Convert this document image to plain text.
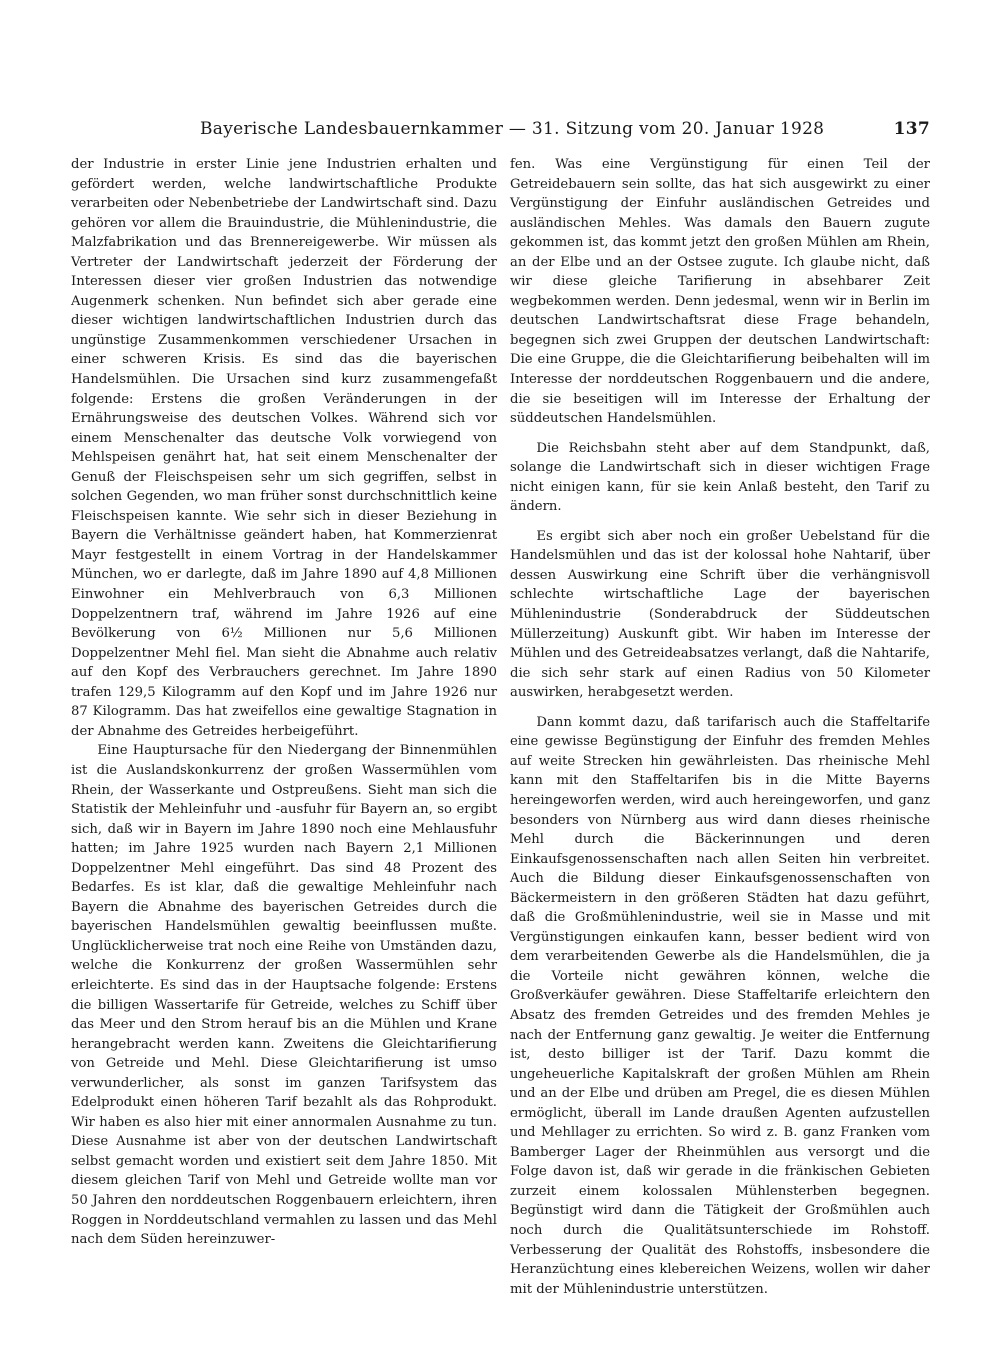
Bayerische Landesbauernkammer — 31. Sitzung vom 20. Januar 1928	137

der Industrie in erster Linie jene Industrien erhalten und gefördert werden, welche landwirtschaftliche Produkte verarbeiten oder Nebenbetriebe der Landwirtschaft sind. Dazu gehören vor allem die Brauindustrie, die Mühlenindustrie, die Malzfabrikation und das Brennereigewerbe. Wir müssen als Vertreter der Landwirtschaft jederzeit der Förderung der Interessen dieser vier großen Industrien das notwendige Augenmerk schenken. Nun befindet sich aber gerade eine dieser wichtigen landwirtschaftlichen Industrien durch das ungünstige Zusammenkommen verschiedener Ursachen in einer schweren Krisis. Es sind das die bayerischen Handelsmühlen. Die Ursachen sind kurz zusammengefaßt folgende: Erstens die großen Veränderungen in der Ernährungsweise des deutschen Volkes. Während sich vor einem Menschenalter das deutsche Volk vorwiegend von Mehlspeisen genährt hat, hat seit einem Menschenalter der Genuß der Fleischspeisen sehr um sich gegriffen, selbst in solchen Gegenden, wo man früher sonst durchschnittlich keine Fleischspeisen kannte. Wie sehr sich in dieser Beziehung in Bayern die Verhältnisse geändert haben, hat Kommerzienrat Mayr festgestellt in einem Vortrag in der Handelskammer München, wo er darlegte, daß im Jahre 1890 auf 4,8 Millionen Einwohner ein Mehlverbrauch von 6,3 Millionen Doppelzentnern traf, während im Jahre 1926 auf eine Bevölkerung von 6½ Millionen nur 5,6 Millionen Doppelzentner Mehl fiel. Man sieht die Abnahme auch relativ auf den Kopf des Verbrauchers gerechnet. Im Jahre 1890 trafen 129,5 Kilogramm auf den Kopf und im Jahre 1926 nur 87 Kilogramm. Das hat zweifellos eine gewaltige Stagnation in der Abnahme des Getreides herbeigeführt.

Eine Hauptursache für den Niedergang der Binnenmühlen ist die Auslandskonkurrenz der großen Wassermühlen vom Rhein, der Wasserkante und Ostpreußens. Sieht man sich die Statistik der Mehleinfuhr und -ausfuhr für Bayern an, so ergibt sich, daß wir in Bayern im Jahre 1890 noch eine Mehlausfuhr hatten; im Jahre 1925 wurden nach Bayern 2,1 Millionen Doppelzentner Mehl eingeführt. Das sind 48 Prozent des Bedarfes. Es ist klar, daß die gewaltige Mehleinfuhr nach Bayern die Abnahme des bayerischen Getreides durch die bayerischen Handelsmühlen gewaltig beeinflussen mußte. Unglücklicherweise trat noch eine Reihe von Umständen dazu, welche die Konkurrenz der großen Wassermühlen sehr erleichterte. Es sind das in der Hauptsache folgende: Erstens die billigen Wassertarife für Getreide, welches zu Schiff über das Meer und den Strom herauf bis an die Mühlen und Krane herangebracht werden kann. Zweitens die Gleichtarifierung von Getreide und Mehl. Diese Gleichtarifierung ist umso verwunderlicher, als sonst im ganzen Tarifsystem das Edelprodukt einen höheren Tarif bezahlt als das Rohprodukt. Wir haben es also hier mit einer annormalen Ausnahme zu tun. Diese Ausnahme ist aber von der deutschen Landwirtschaft selbst gemacht worden und existiert seit dem Jahre 1850. Mit diesem gleichen Tarif von Mehl und Getreide wollte man vor 50 Jahren den norddeutschen Roggenbauern erleichtern, ihren Roggen in Norddeutschland vermahlen zu lassen und das Mehl nach dem Süden hereinzuwer-

fen. Was eine Vergünstigung für einen Teil der Getreidebauern sein sollte, das hat sich ausgewirkt zu einer Vergünstigung der Einfuhr ausländischen Getreides und ausländischen Mehles. Was damals den Bauern zugute gekommen ist, das kommt jetzt den großen Mühlen am Rhein, an der Elbe und an der Ostsee zugute. Ich glaube nicht, daß wir diese gleiche Tarifierung in absehbarer Zeit wegbekommen werden. Denn jedesmal, wenn wir in Berlin im deutschen Landwirtschaftsrat diese Frage behandeln, begegnen sich zwei Gruppen der deutschen Landwirtschaft: Die eine Gruppe, die die Gleichtarifierung beibehalten will im Interesse der norddeutschen Roggenbauern und die andere, die sie beseitigen will im Interesse der Erhaltung der süddeutschen Handelsmühlen.

Die Reichsbahn steht aber auf dem Standpunkt, daß, solange die Landwirtschaft sich in dieser wichtigen Frage nicht einigen kann, für sie kein Anlaß besteht, den Tarif zu ändern.

Es ergibt sich aber noch ein großer Uebelstand für die Handelsmühlen und das ist der kolossal hohe Nahtarif, über dessen Auswirkung eine Schrift über die verhängnisvoll schlechte wirtschaftliche Lage der bayerischen Mühlenindustrie (Sonderabdruck der Süddeutschen Müllerzeitung) Auskunft gibt. Wir haben im Interesse der Mühlen und des Getreideabsatzes verlangt, daß die Nahtarife, die sich sehr stark auf einen Radius von 50 Kilometer auswirken, herabgesetzt werden.

Dann kommt dazu, daß tarifarisch auch die Staffeltarife eine gewisse Begünstigung der Einfuhr des fremden Mehles auf weite Strecken hin gewährleisten. Das rheinische Mehl kann mit den Staffeltarifen bis in die Mitte Bayerns hereingeworfen werden, wird auch hereingeworfen, und ganz besonders von Nürnberg aus wird dann dieses rheinische Mehl durch die Bäckerinnungen und deren Einkaufsgenossenschaften nach allen Seiten hin verbreitet. Auch die Bildung dieser Einkaufsgenossenschaften von Bäckermeistern in den größeren Städten hat dazu geführt, daß die Großmühlenindustrie, weil sie in Masse und mit Vergünstigungen einkaufen kann, besser bedient wird von dem verarbeitenden Gewerbe als die Handelsmühlen, die ja die Vorteile nicht gewähren können, welche die Großverkäufer gewähren. Diese Staffeltarife erleichtern den Absatz des fremden Getreides und des fremden Mehles je nach der Entfernung ganz gewaltig. Je weiter die Entfernung ist, desto billiger ist der Tarif. Dazu kommt die ungeheuerliche Kapitalskraft der großen Mühlen am Rhein und an der Elbe und drüben am Pregel, die es diesen Mühlen ermöglicht, überall im Lande draußen Agenten aufzustellen und Mehllager zu errichten. So wird z. B. ganz Franken vom Bamberger Lager der Rheinmühlen aus versorgt und die Folge davon ist, daß wir gerade in die fränkischen Gebieten zurzeit einem kolossalen Mühlensterben begegnen. Begünstigt wird dann die Tätigkeit der Großmühlen auch noch durch die Qualitätsunterschiede im Rohstoff. Verbesserung der Qualität des Rohstoffs, insbesondere die Heranzüchtung eines klebereichen Weizens, wollen wir daher mit der Mühlenindustrie unterstützen.
